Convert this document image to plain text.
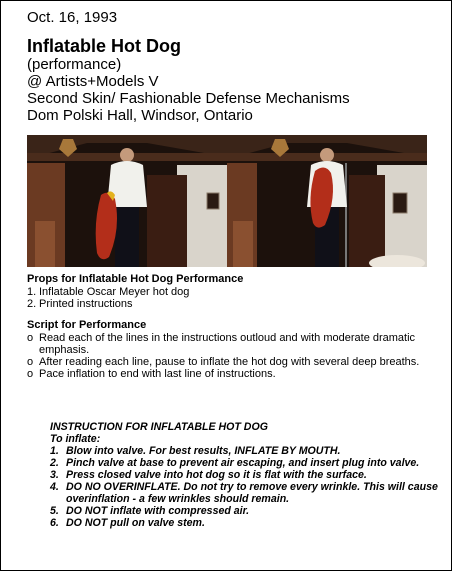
Oct. 16, 1993
Inflatable Hot Dog
(performance)
@ Artists+Models V
Second Skin/ Fashionable Defense Mechanisms
Dom Polski Hall, Windsor, Ontario
Props for Inflatable Hot Dog Performance
1. Inflatable Oscar Meyer hot dog
2. Printed instructions
Script for Performance
o Read each of the lines in the instructions outloud and with moderate dramatic emphasis.
o After reading each line, pause to inflate the hot dog with several deep breaths.
o Pace inflation to end with last line of instructions.
INSTRUCTION FOR INFLATABLE HOT DOG
To inflate:
1. Blow into valve. For best results, INFLATE BY MOUTH.
2. Pinch valve at base to prevent air escaping, and insert plug into valve.
3. Press closed valve into hot dog so it is flat with the surface.
4. DO NO OVERINFLATE. Do not try to remove every wrinkle. This will cause overinflation - a few wrinkles should remain.
5. DO NOT inflate with compressed air.
6. DO NOT pull on valve stem.
